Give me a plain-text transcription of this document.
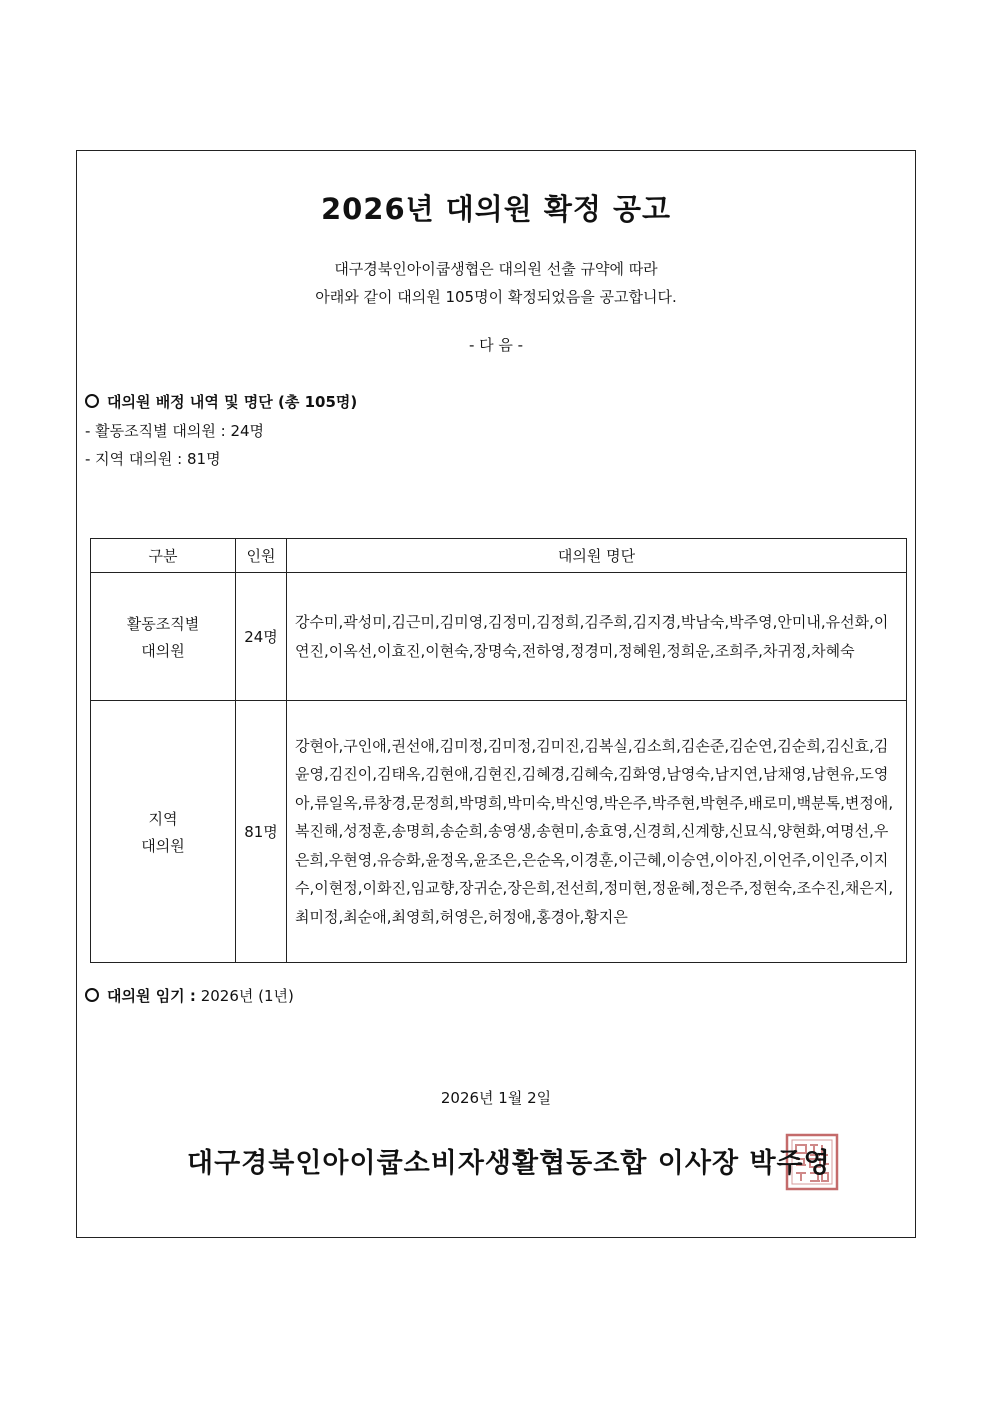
2026년 대의원 확정 공고
대구경북인아이쿱생협은 대의원 선출 규약에 따라
아래와 같이 대의원 105명이 확정되었음을 공고합니다.
- 다 음 -
대의원 배정 내역 및 명단 (총 105명)
- 활동조직별 대의원 : 24명
- 지역 대의원 : 81명
구분	인원	대의원 명단

활동조직별
대의원	24명	강수미,곽성미,김근미,김미영,김정미,김정희,김주희,김지경,박남숙,박주영,안미내,유선화,이연진,이옥선,이효진,이현숙,장명숙,전하영,정경미,정혜원,정희운,조희주,차귀정,차혜숙

지역
대의원	81명	강현아,구인애,권선애,김미정,김미정,김미진,김복실,김소희,김손준,김순연,김순희,김신효,김윤영,김진이,김태옥,김현애,김현진,김혜경,김혜숙,김화영,남영숙,남지연,남채영,남현유,도영아,류일옥,류창경,문정희,박명희,박미숙,박신영,박은주,박주현,박현주,배로미,백분톡,변정애,복진해,성정훈,송명희,송순희,송영생,송현미,송효영,신경희,신계향,신묘식,양현화,여명선,우은희,우현영,유승화,윤정옥,윤조은,은순옥,이경훈,이근혜,이승연,이아진,이언주,이인주,이지수,이현정,이화진,임교향,장귀순,장은희,전선희,정미현,정윤혜,정은주,정현숙,조수진,채은지,최미정,최순애,최영희,허영은,허정애,홍경아,황지은
대의원 임기 : 2026년 (1년)
2026년 1월 2일
대구경북인아이쿱소비자생활협동조합 이사장 박주영
